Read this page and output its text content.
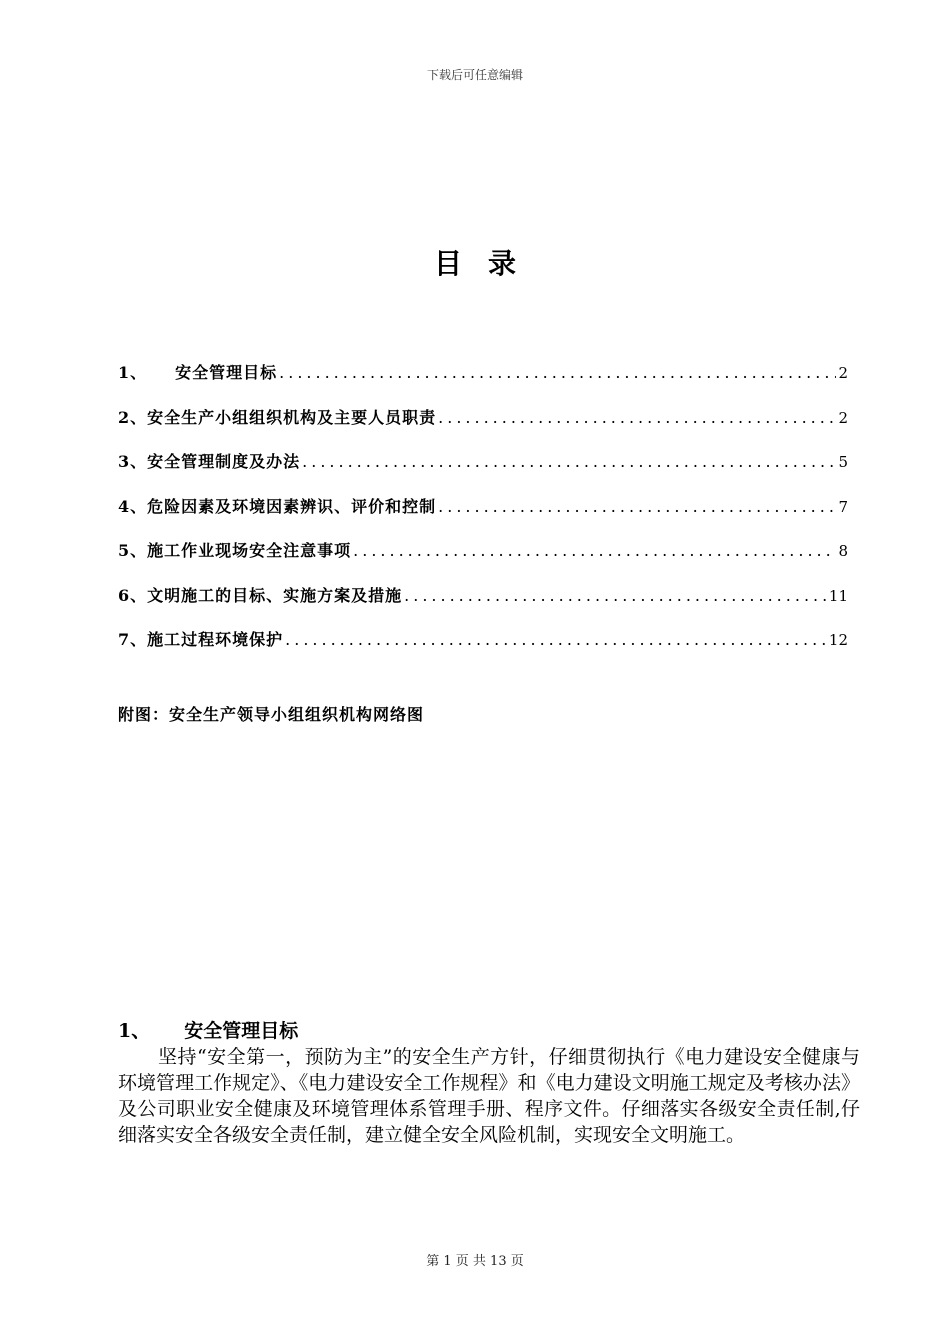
下载后可任意编辑
目录
1、 安全管理目标 .....	2
2、安全生产小组组织机构及主要人员职责 .....	2
3、安全管理制度及办法 .....	5
4、危险因素及环境因素辨识、评价和控制 .....	7
5、施工作业现场安全注意事项 .....	8
6、文明施工的目标、实施方案及措施 .....	11
7、施工过程环境保护 .....	12
附图：安全生产领导小组组织机构网络图
1、 安全管理目标

坚持“安全第一，预防为主”的安全生产方针，仔细贯彻执行《电力建设安全健康与环境管理工作规定》、《电力建设安全工作规程》和《电力建设文明施工规定及考核办法》及公司职业安全健康及环境管理体系管理手册、程序文件。仔细落实各级安全责任制,仔细落实安全各级安全责任制，建立健全安全风险机制，实现安全文明施工。

第 1 页 共 13 页
